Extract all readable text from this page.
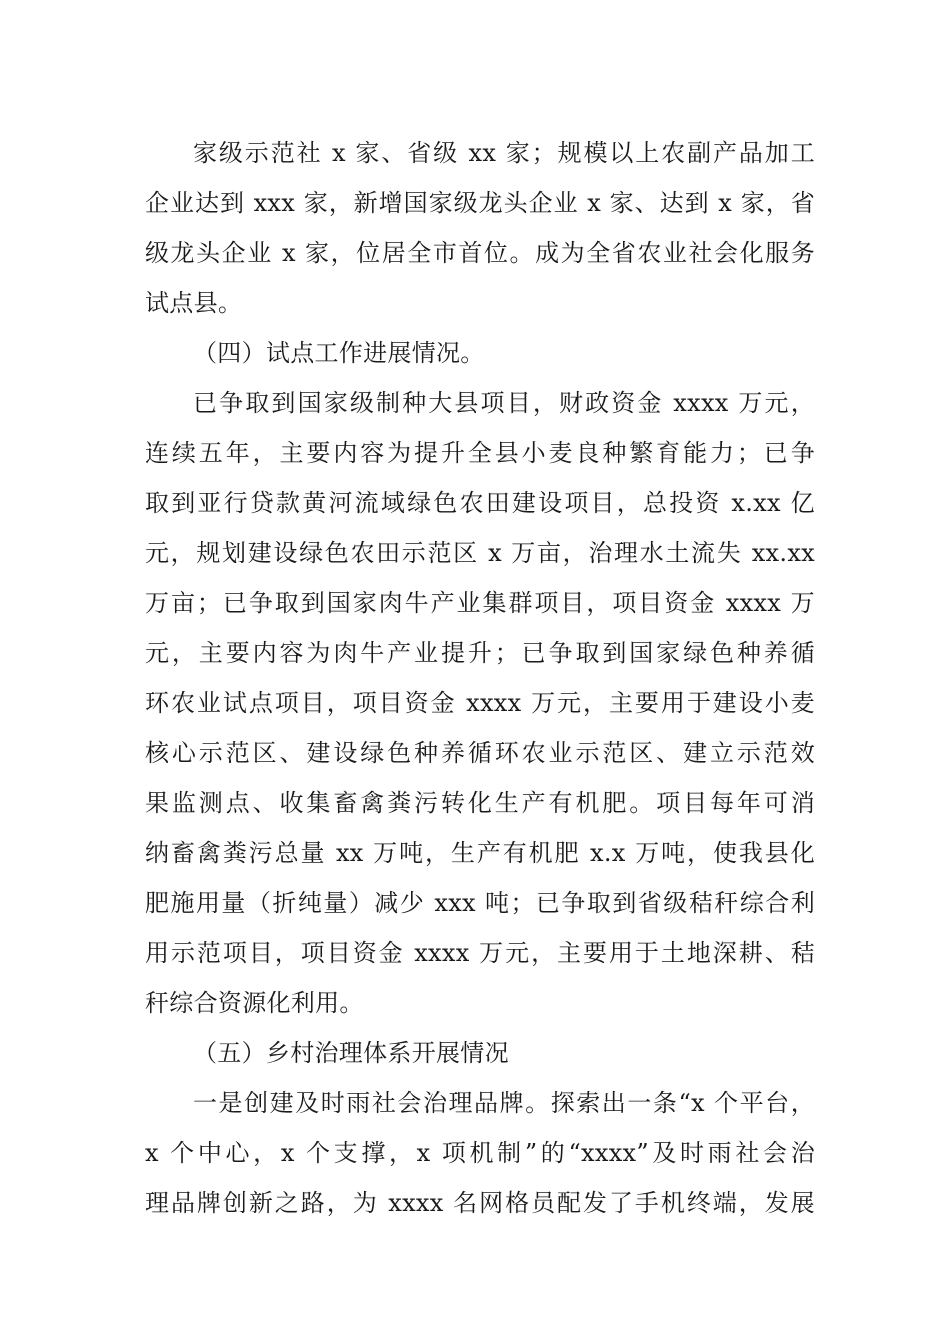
家级示范社 x 家、省级 xx 家；规模以上农副产品加工
企业达到 xxx 家，新增国家级龙头企业 x 家、达到 x 家，省
级龙头企业 x 家，位居全市首位。成为全省农业社会化服务
试点县。
（四）试点工作进展情况。
已争取到国家级制种大县项目，财政资金 xxxx 万元，
连续五年，主要内容为提升全县小麦良种繁育能力；已争
取到亚行贷款黄河流域绿色农田建设项目，总投资 x.xx 亿
元，规划建设绿色农田示范区 x 万亩，治理水土流失 xx.xx
万亩；已争取到国家肉牛产业集群项目，项目资金 xxxx 万
元，主要内容为肉牛产业提升；已争取到国家绿色种养循
环农业试点项目，项目资金 xxxx 万元，主要用于建设小麦
核心示范区、建设绿色种养循环农业示范区、建立示范效
果监测点、收集畜禽粪污转化生产有机肥。项目每年可消
纳畜禽粪污总量 xx 万吨，生产有机肥 x.x 万吨，使我县化
肥施用量（折纯量）减少 xxx 吨；已争取到省级秸秆综合利
用示范项目，项目资金 xxxx 万元，主要用于土地深耕、秸
秆综合资源化利用。
（五）乡村治理体系开展情况
一是创建及时雨社会治理品牌。探索出一条“x 个平台，
x 个中心，x 个支撑，x 项机制”的“xxxx”及时雨社会治
理品牌创新之路，为 xxxx 名网格员配发了手机终端，发展
